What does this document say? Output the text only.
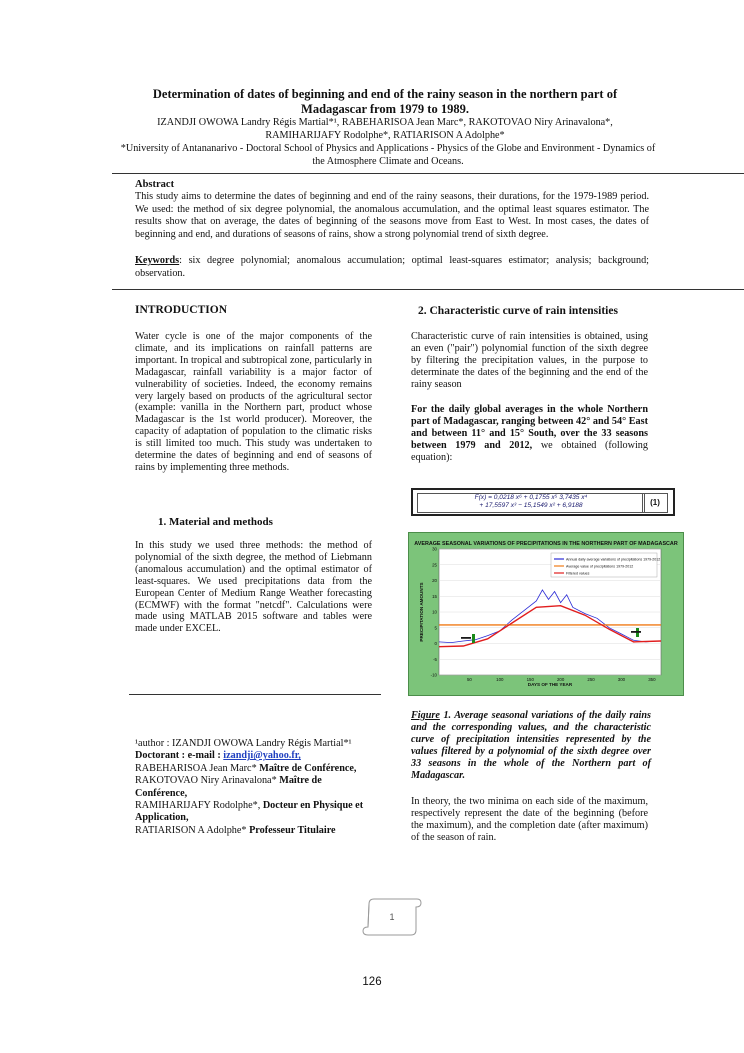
Determination of dates of beginning and end of the rainy season in the northern part of Madagascar from 1979 to 1989.
IZANDJI OWOWA Landry Régis Martial*¹, RABEHARISOA Jean Marc*, RAKOTOVAO Niry Arinavalona*,
RAMIHARIJAFY Rodolphe*, RATIARISON A Adolphe*
*University of Antananarivo - Doctoral School of Physics and Applications - Physics of the Globe and Environment - Dynamics of the Atmosphere Climate and Oceans.
Abstract
This study aims to determine the dates of beginning and end of the rainy seasons, their durations, for the 1979-1989 period. We used: the method of six degree polynomial, the anomalous accumulation, and the optimal least squares estimator. The results show that on average, the dates of beginning of the seasons move from East to West. In most cases, the dates of beginning and end, and durations of seasons of rains, show a strong polynomial trend of sixth degree.
Keywords: six degree polynomial; anomalous accumulation; optimal least-squares estimator; analysis; background; observation.
INTRODUCTION
Water cycle is one of the major components of the climate, and its implications on rainfall patterns are important. In tropical and subtropical zone, particularly in Madagascar, rainfall variability is a major factor of vulnerability of societies. Indeed, the economy remains very largely based on products of the agricultural sector (example: vanilla in the Northern part, product whose Madagascar is the 1st world producer). Moreover, the capacity of adaptation of population to the climatic risks is still limited too much. This study was undertaken to determine the dates of beginning and end of seasons of rains by implementing three methods.
1. Material and methods
In this study we used three methods: the method of polynomial of the sixth degree, the method of Liebmann (anomalous accumulation) and the optimal estimator of least-squares. We used precipitations data from the European Center of Medium Range Weather forecasting (ECMWF) with the format "netcdf". Calculations were made using MATLAB 2015 software and tables were made under EXCEL.
¹author : IZANDJI OWOWA Landry Régis Martial*¹
Doctorant : e-mail : izandji@yahoo.fr,
RABEHARISOA Jean Marc* Maître de Conférence,
RAKOTOVAO Niry Arinavalona* Maître de Conférence,
RAMIHARIJAFY Rodolphe*, Docteur en Physique et Application,
RATIARISON A Adolphe* Professeur Titulaire
2. Characteristic curve of rain intensities
Characteristic curve of rain intensities is obtained, using an even ("pair") polynomial function of the sixth degree by filtering the precipitation values, in the purpose to determinate the dates of the beginning and the end of the rainy season
For the daily global averages in the whole Northern part of Madagascar, ranging between 42° and 54° East and between 11° and 15° South, over the 33 seasons between 1979 and 2012, we obtained (following equation):
F(x) = 0,0218 x⁶ + 0,1755 x⁵ 3,7435 x⁴
+ 17,5597 x³ − 15,1549 x² + 6,9188	(1)
AVERAGE SEASONAL VARIATIONS OF PRECIPITATIONS IN THE NORTHERN PART OF MADAGASCAR
-10
-5
0
5
10
15
20
25
30
50	100	150	200	250	300	350
Annual daily average variations of precipitations 1979-2012
Average value of precipitations 1979-2012
Filtered values
DAYS OF THE YEAR
PRECIPITATION AMOUNTS
Figure 1. Average seasonal variations of the daily rains and the corresponding values, and the characteristic curve of precipitation intensities represented by the values filtered by a polynomial of the sixth degree over 33 seasons in the whole of the Northern part of Madagascar.
In theory, the two minima on each side of the maximum, respectively represent the date of the beginning (before the maximum), and the completion date (after maximum) of the season of rain.
1
126
